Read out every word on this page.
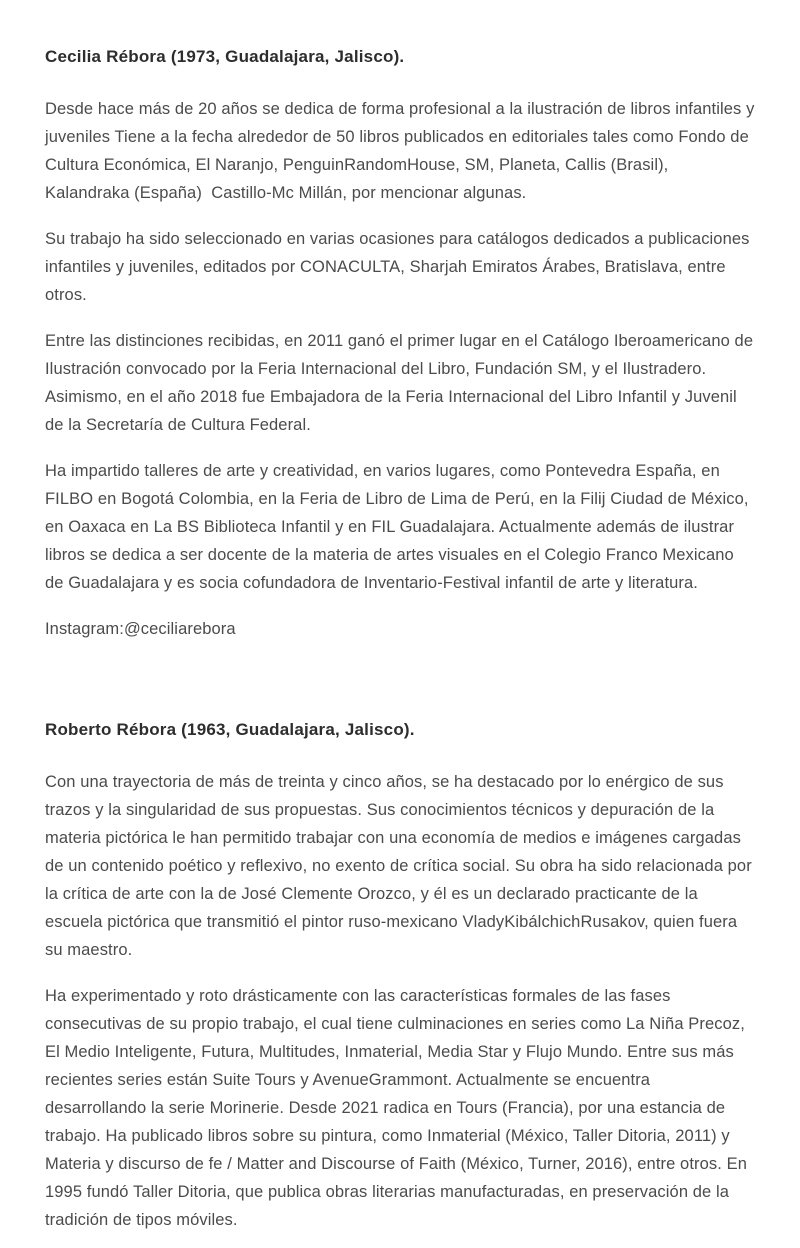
Cecilia Rébora (1973, Guadalajara, Jalisco).

Desde hace más de 20 años se dedica de forma profesional a la ilustración de libros infantiles y juveniles Tiene a la fecha alrededor de 50 libros publicados en editoriales tales como Fondo de Cultura Económica, El Naranjo, PenguinRandomHouse, SM, Planeta, Callis (Brasil), Kalandraka (España)  Castillo-Mc Millán, por mencionar algunas.

Su trabajo ha sido seleccionado en varias ocasiones para catálogos dedicados a publicaciones infantiles y juveniles, editados por CONACULTA, Sharjah Emiratos Árabes, Bratislava, entre otros.

Entre las distinciones recibidas, en 2011 ganó el primer lugar en el Catálogo Iberoamericano de Ilustración convocado por la Feria Internacional del Libro, Fundación SM, y el Ilustradero. Asimismo, en el año 2018 fue Embajadora de la Feria Internacional del Libro Infantil y Juvenil de la Secretaría de Cultura Federal.

Ha impartido talleres de arte y creatividad, en varios lugares, como Pontevedra España, en FILBO en Bogotá Colombia, en la Feria de Libro de Lima de Perú, en la Filij Ciudad de México, en Oaxaca en La BS Biblioteca Infantil y en FIL Guadalajara. Actualmente además de ilustrar libros se dedica a ser docente de la materia de artes visuales en el Colegio Franco Mexicano de Guadalajara y es socia cofundadora de Inventario-Festival infantil de arte y literatura.

Instagram:@ceciliarebora

Roberto Rébora (1963, Guadalajara, Jalisco).

Con una trayectoria de más de treinta y cinco años, se ha destacado por lo enérgico de sus trazos y la singularidad de sus propuestas. Sus conocimientos técnicos y depuración de la materia pictórica le han permitido trabajar con una economía de medios e imágenes cargadas de un contenido poético y reflexivo, no exento de crítica social. Su obra ha sido relacionada por la crítica de arte con la de José Clemente Orozco, y él es un declarado practicante de la escuela pictórica que transmitió el pintor ruso-mexicano VladyKibálchichRusakov, quien fuera su maestro.

Ha experimentado y roto drásticamente con las características formales de las fases consecutivas de su propio trabajo, el cual tiene culminaciones en series como La Niña Precoz, El Medio Inteligente, Futura, Multitudes, Inmaterial, Media Star y Flujo Mundo. Entre sus más recientes series están Suite Tours y AvenueGrammont. Actualmente se encuentra desarrollando la serie Morinerie. Desde 2021 radica en Tours (Francia), por una estancia de trabajo. Ha publicado libros sobre su pintura, como Inmaterial (México, Taller Ditoria, 2011) y Materia y discurso de fe / Matter and Discourse of Faith (México, Turner, 2016), entre otros. En 1995 fundó Taller Ditoria, que publica obras literarias manufacturadas, en preservación de la tradición de tipos móviles.
